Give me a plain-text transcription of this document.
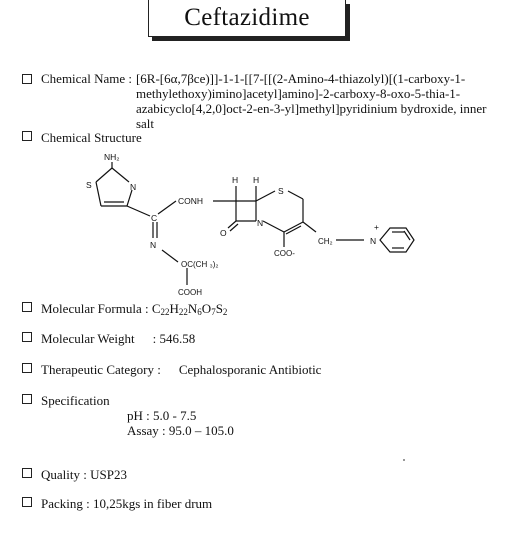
Ceftazidime
Chemical Name : [6R-[6α,7βce)]]-1-1-[[7-[[(2-Amino-4-thiazolyl)[(1-carboxy-1-methylethoxy)imino]acetyl]amino]-2-carboxy-8-oxo-5-thia-1-azabicyclo[4,2,0]oct-2-en-3-yl]methyl]pyridinium bydroxide, inner salt
Chemical Structure
NH₂
S	N
C
N
CONH
H H
S
O
N
OC(CH ₃)₂
COOH
CH₂
COO-
+
N
Molecular Formula : $C_{22}H_{22}N_6O_7S_2$
Molecular Weight : 546.58
Therapeutic Category : Cephalosporanic Antibiotic
Specification
pH : 5.0 - 7.5
Assay : 95.0 – 105.0
Quality : USP23
Packing : 10,25kgs in fiber drum
